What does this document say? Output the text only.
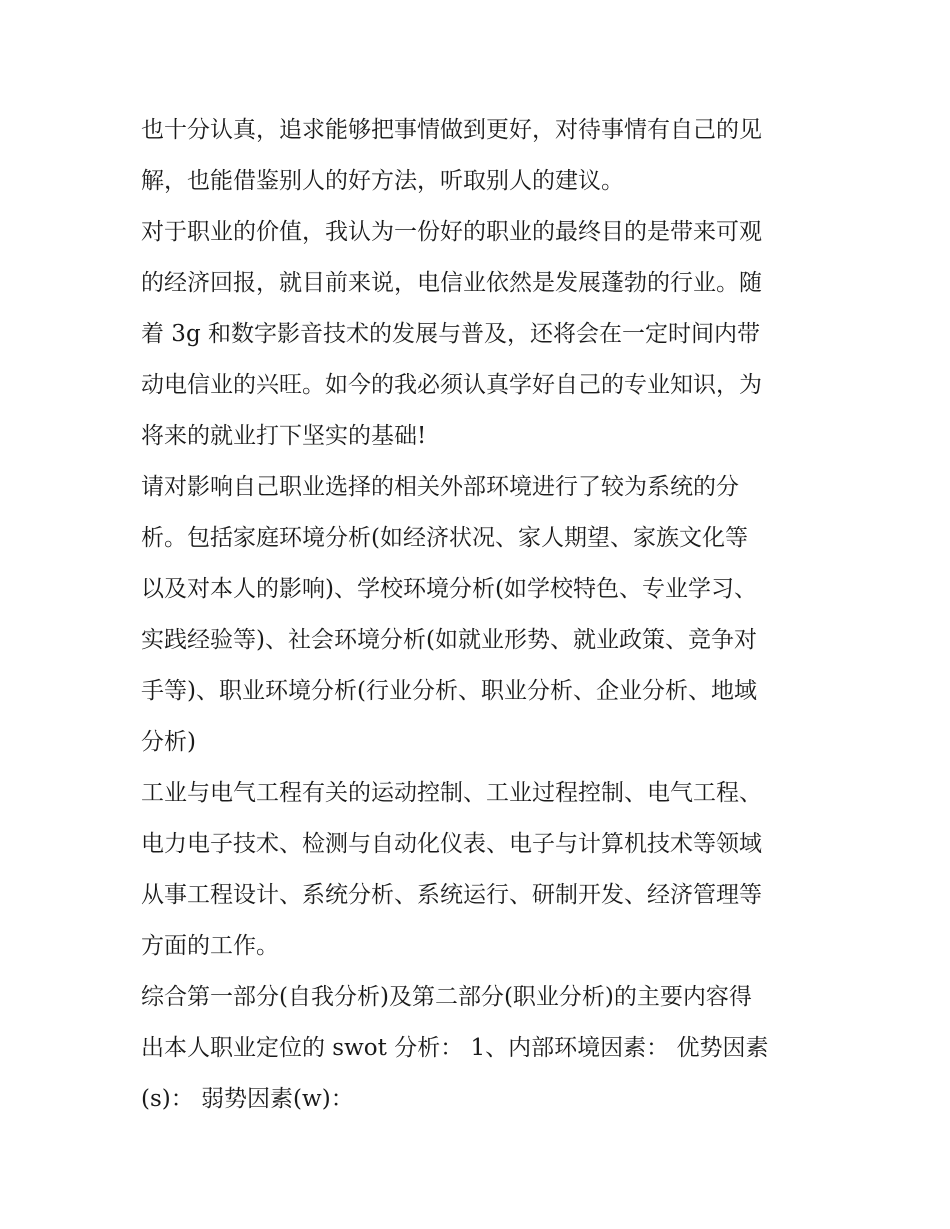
也十分认真，追求能够把事情做到更好，对待事情有自己的见
解，也能借鉴别人的好方法，听取别人的建议。
对于职业的价值，我认为一份好的职业的最终目的是带来可观
的经济回报，就目前来说，电信业依然是发展蓬勃的行业。随
着 3g 和数字影音技术的发展与普及，还将会在一定时间内带
动电信业的兴旺。如今的我必须认真学好自己的专业知识，为
将来的就业打下坚实的基础!
请对影响自己职业选择的相关外部环境进行了较为系统的分
析。包括家庭环境分析(如经济状况、家人期望、家族文化等
以及对本人的影响)、学校环境分析(如学校特色、专业学习、
实践经验等)、社会环境分析(如就业形势、就业政策、竞争对
手等)、职业环境分析(行业分析、职业分析、企业分析、地域
分析)
工业与电气工程有关的运动控制、工业过程控制、电气工程、
电力电子技术、检测与自动化仪表、电子与计算机技术等领域
从事工程设计、系统分析、系统运行、研制开发、经济管理等
方面的工作。
综合第一部分(自我分析)及第二部分(职业分析)的主要内容得
出本人职业定位的 swot 分析： 1、内部环境因素： 优势因素
(s)： 弱势因素(w)：
